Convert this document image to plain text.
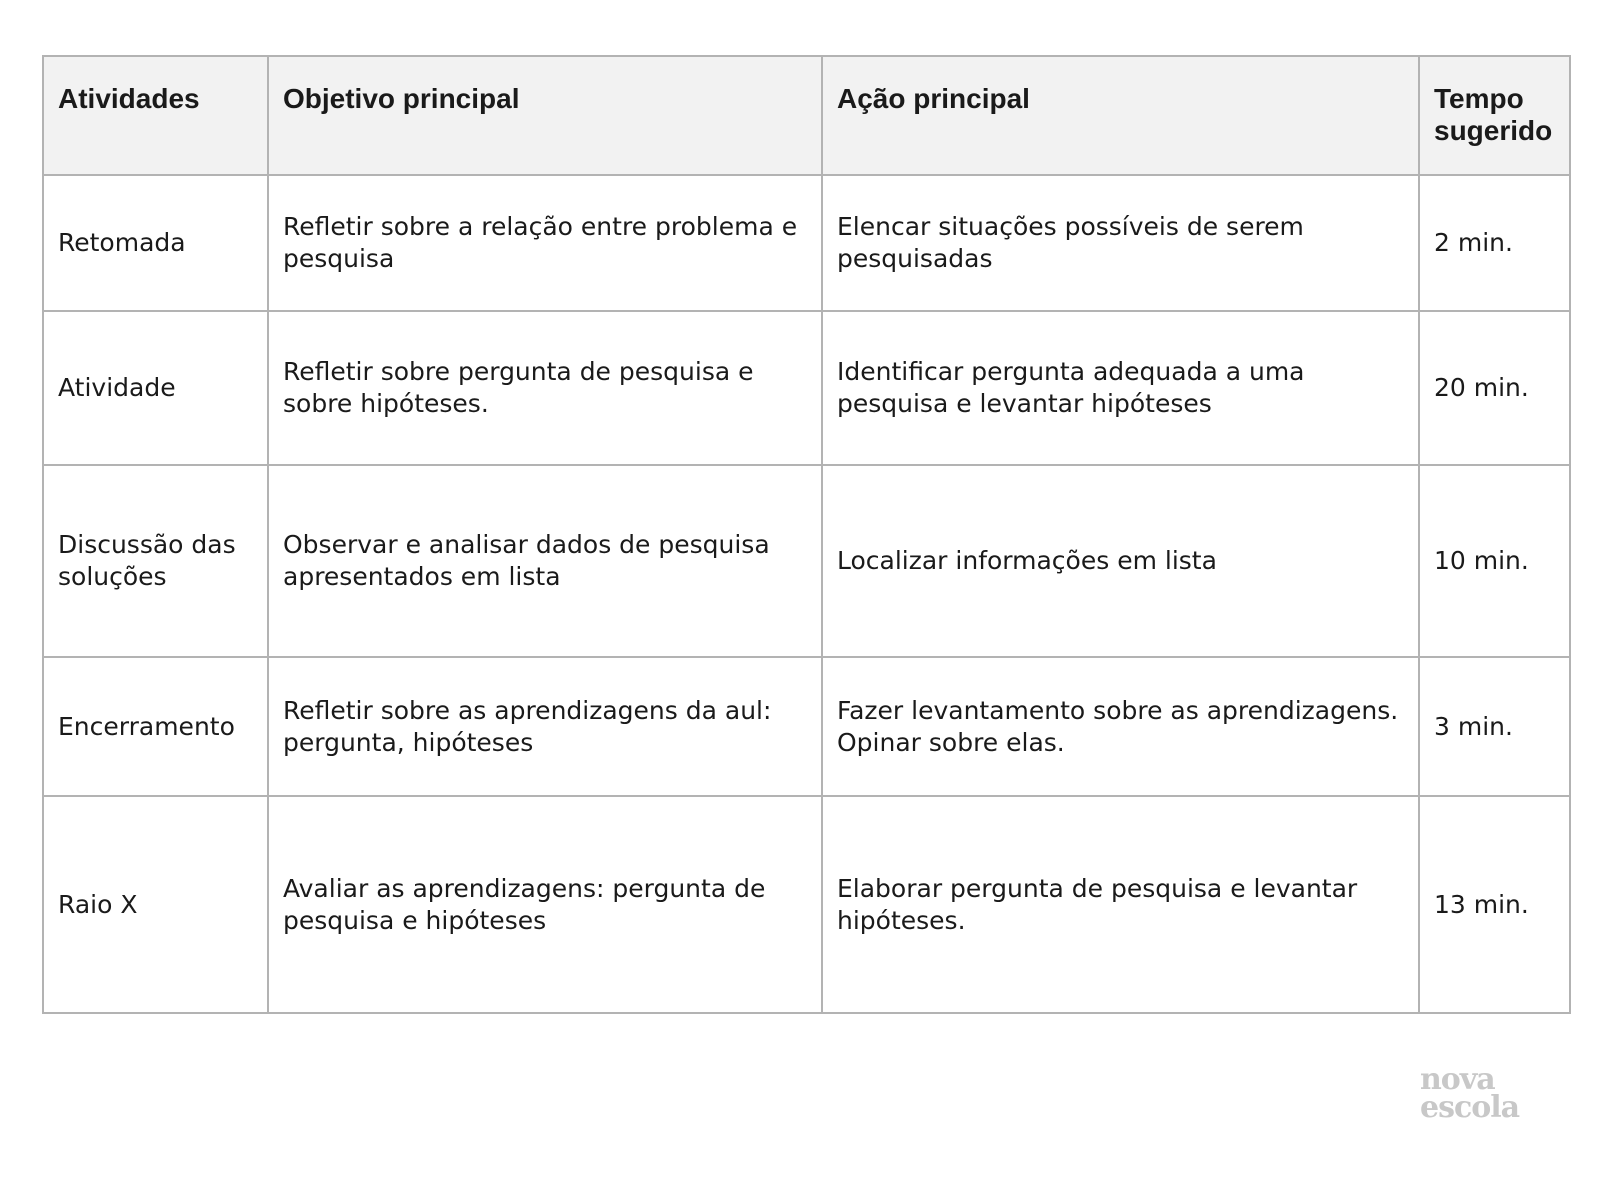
Atividades	Objetivo principal	Ação principal	Tempo sugerido
Retomada	Refletir sobre a relação entre problema e pesquisa	Elencar situações possíveis de serem pesquisadas	2 min.
Atividade	Refletir sobre pergunta de pesquisa e sobre hipóteses.	Identificar pergunta adequada a uma pesquisa e levantar hipóteses	20 min.
Discussão das soluções	Observar e analisar dados de pesquisa apresentados em lista	Localizar informações em lista	10 min.
Encerramento	Refletir sobre as aprendizagens da aul: pergunta, hipóteses	Fazer levantamento sobre as aprendizagens. Opinar sobre elas.	3 min.
Raio X	Avaliar as aprendizagens: pergunta de pesquisa e hipóteses	Elaborar pergunta de pesquisa e levantar hipóteses.	13 min.
nova
escola
